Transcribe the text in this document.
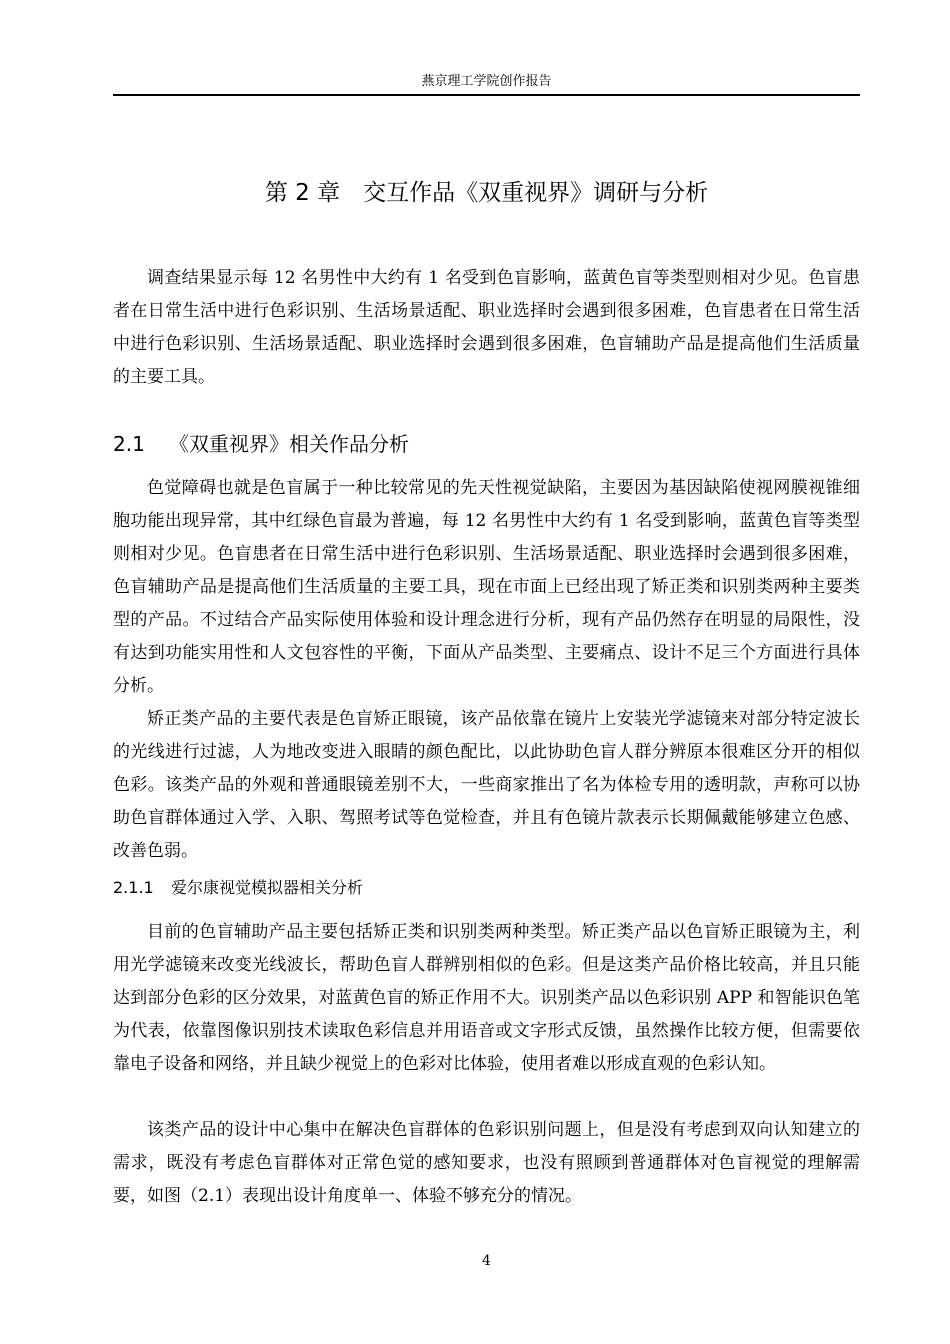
燕京理工学院创作报告
第 2 章　交互作品《双重视界》调研与分析

调查结果显示每 12 名男性中大约有 1 名受到色盲影响，蓝黄色盲等类型则相对少见。色盲患者在日常生活中进行色彩识别、生活场景适配、职业选择时会遇到很多困难，色盲患者在日常生活中进行色彩识别、生活场景适配、职业选择时会遇到很多困难，色盲辅助产品是提高他们生活质量的主要工具。

2.1 《双重视界》相关作品分析

色觉障碍也就是色盲属于一种比较常见的先天性视觉缺陷，主要因为基因缺陷使视网膜视锥细胞功能出现异常，其中红绿色盲最为普遍，每 12 名男性中大约有 1 名受到影响，蓝黄色盲等类型则相对少见。色盲患者在日常生活中进行色彩识别、生活场景适配、职业选择时会遇到很多困难，色盲辅助产品是提高他们生活质量的主要工具，现在市面上已经出现了矫正类和识别类两种主要类型的产品。不过结合产品实际使用体验和设计理念进行分析，现有产品仍然存在明显的局限性，没有达到功能实用性和人文包容性的平衡，下面从产品类型、主要痛点、设计不足三个方面进行具体分析。

矫正类产品的主要代表是色盲矫正眼镜，该产品依靠在镜片上安装光学滤镜来对部分特定波长的光线进行过滤，人为地改变进入眼睛的颜色配比，以此协助色盲人群分辨原本很难区分开的相似色彩。该类产品的外观和普通眼镜差别不大，一些商家推出了名为体检专用的透明款，声称可以协助色盲群体通过入学、入职、驾照考试等色觉检查，并且有色镜片款表示长期佩戴能够建立色感、改善色弱。

2.1.1 爱尔康视觉模拟器相关分析

目前的色盲辅助产品主要包括矫正类和识别类两种类型。矫正类产品以色盲矫正眼镜为主，利用光学滤镜来改变光线波长，帮助色盲人群辨别相似的色彩。但是这类产品价格比较高，并且只能达到部分色彩的区分效果，对蓝黄色盲的矫正作用不大。识别类产品以色彩识别 APP 和智能识色笔为代表，依靠图像识别技术读取色彩信息并用语音或文字形式反馈，虽然操作比较方便，但需要依靠电子设备和网络，并且缺少视觉上的色彩对比体验，使用者难以形成直观的色彩认知。

该类产品的设计中心集中在解决色盲群体的色彩识别问题上，但是没有考虑到双向认知建立的需求，既没有考虑色盲群体对正常色觉的感知要求，也没有照顾到普通群体对色盲视觉的理解需要，如图（2.1）表现出设计角度单一、体验不够充分的情况。

4
